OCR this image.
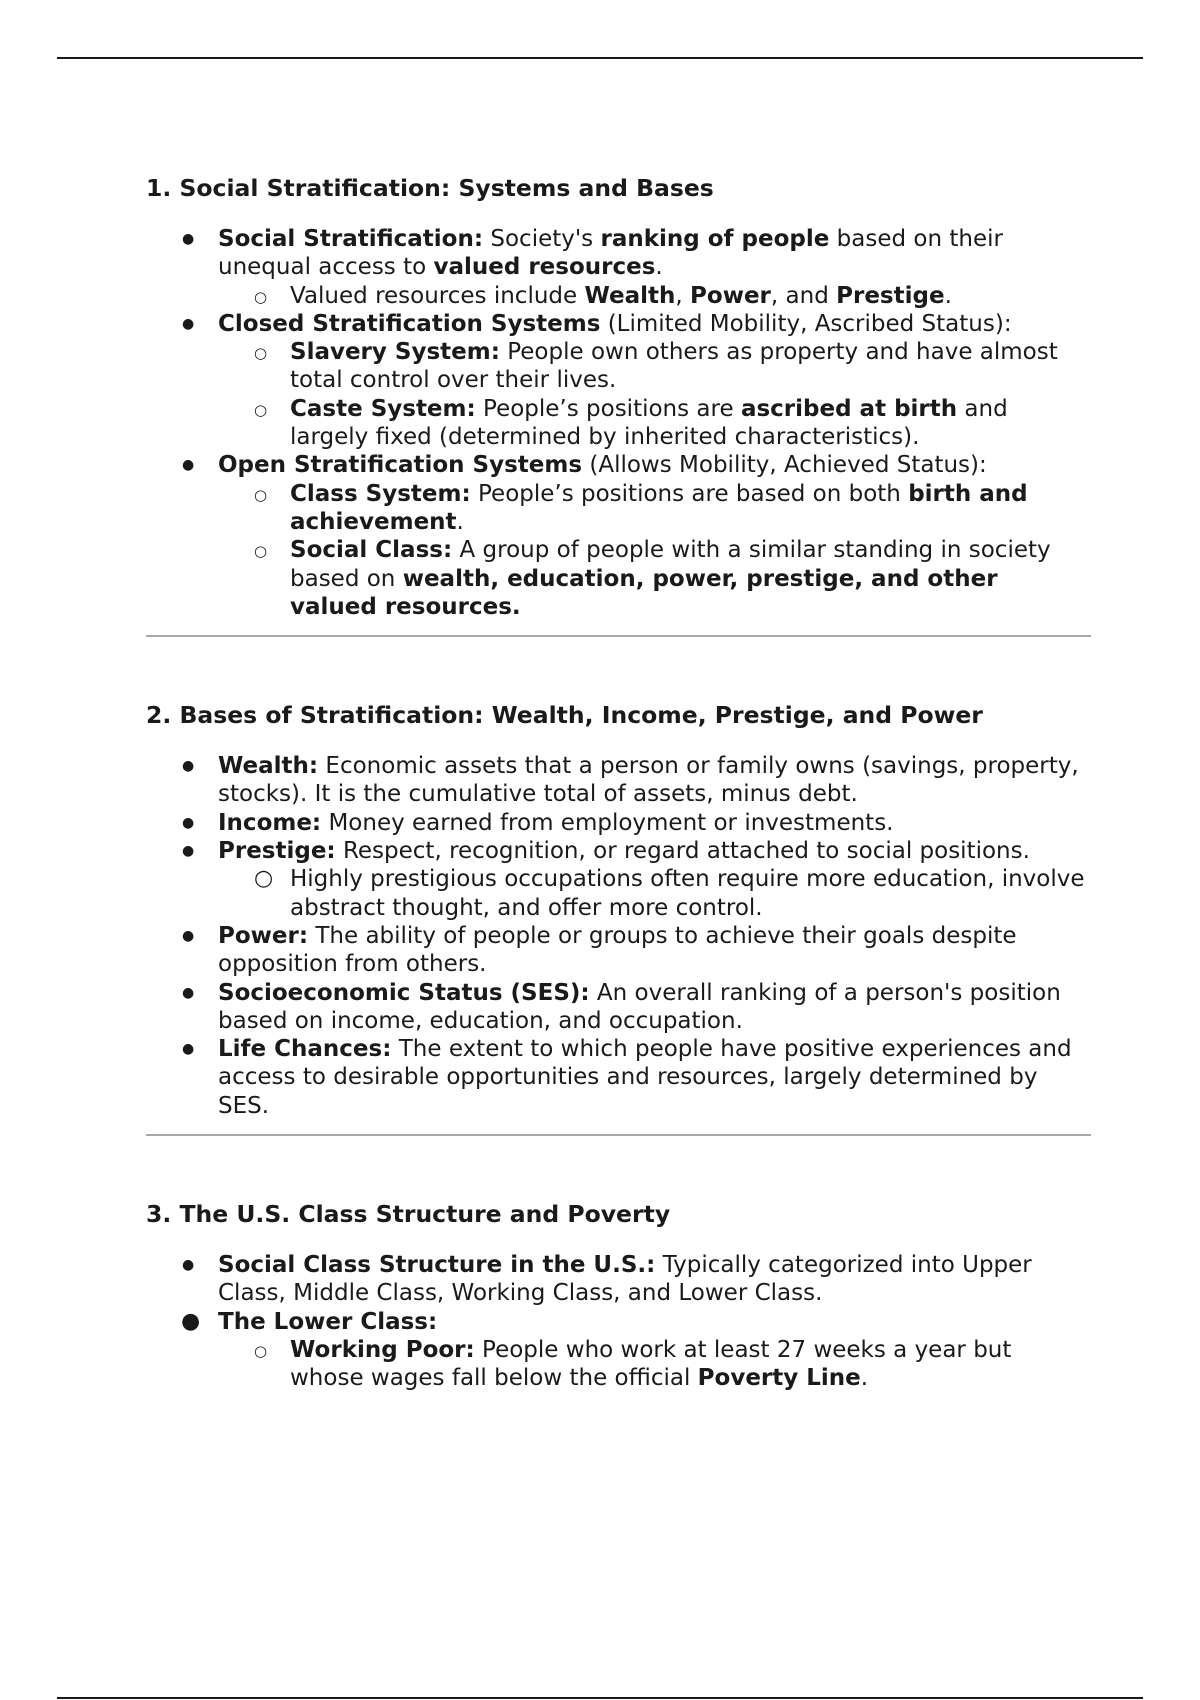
1. Social Stratification: Systems and Bases
● Social Stratification: Society's ranking of people based on their unequal access to valued resources.
○ Valued resources include Wealth, Power, and Prestige.
● Closed Stratification Systems (Limited Mobility, Ascribed Status):
○ Slavery System: People own others as property and have almost total control over their lives.
○ Caste System: People’s positions are ascribed at birth and largely fixed (determined by inherited characteristics).
● Open Stratification Systems (Allows Mobility, Achieved Status):
○ Class System: People’s positions are based on both birth and achievement.
○ Social Class: A group of people with a similar standing in society based on wealth, education, power, prestige, and other valued resources.
2. Bases of Stratification: Wealth, Income, Prestige, and Power
● Wealth: Economic assets that a person or family owns (savings, property, stocks). It is the cumulative total of assets, minus debt.
● Income: Money earned from employment or investments.
● Prestige: Respect, recognition, or regard attached to social positions.
○ Highly prestigious occupations often require more education, involve abstract thought, and offer more control.
● Power: The ability of people or groups to achieve their goals despite opposition from others.
● Socioeconomic Status (SES): An overall ranking of a person's position based on income, education, and occupation.
● Life Chances: The extent to which people have positive experiences and access to desirable opportunities and resources, largely determined by SES.
3. The U.S. Class Structure and Poverty
● Social Class Structure in the U.S.: Typically categorized into Upper Class, Middle Class, Working Class, and Lower Class.
● The Lower Class:
○ Working Poor: People who work at least 27 weeks a year but whose wages fall below the official Poverty Line.
